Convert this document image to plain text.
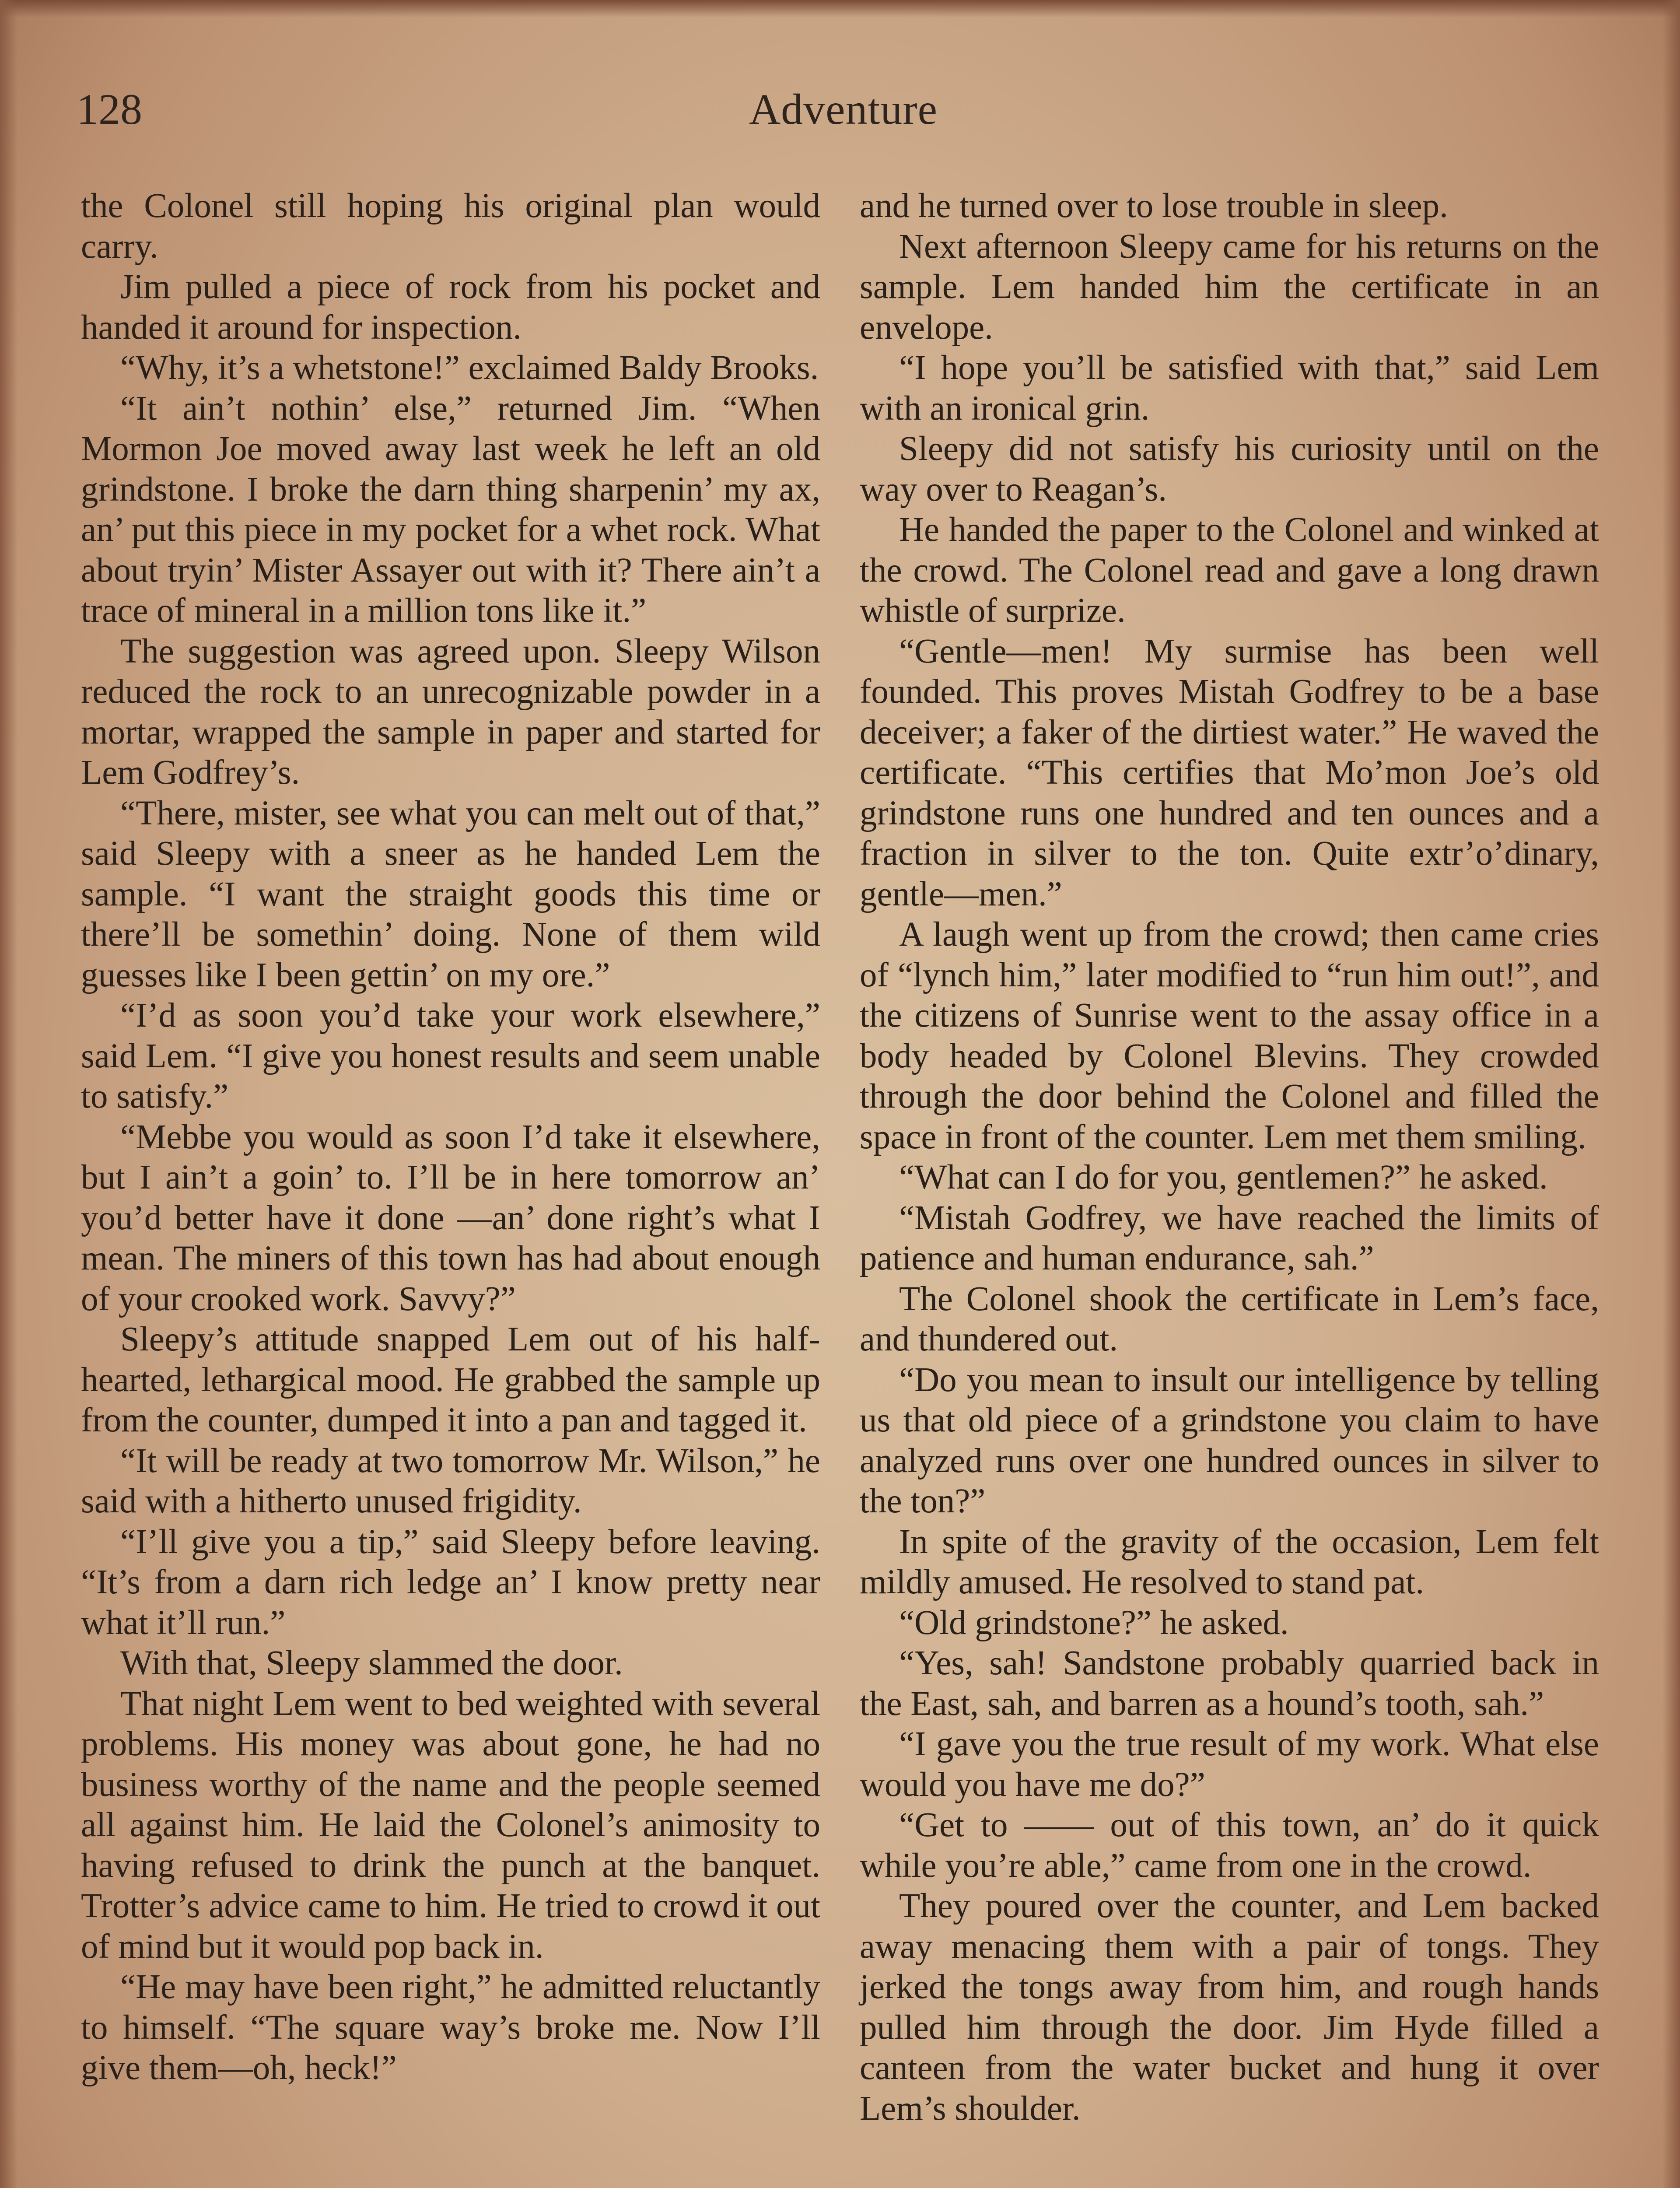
128	Adventure

the Colonel still hoping his original plan would carry.

Jim pulled a piece of rock from his pocket and handed it around for inspection.

“Why, it’s a whetstone!” exclaimed Baldy Brooks.

“It ain’t nothin’ else,” returned Jim. “When Mormon Joe moved away last week he left an old grindstone. I broke the darn thing sharpenin’ my ax, an’ put this piece in my pocket for a whet rock. What about tryin’ Mister Assayer out with it? There ain’t a trace of mineral in a million tons like it.”

The suggestion was agreed upon. Sleepy Wilson reduced the rock to an unrecognizable powder in a mortar, wrapped the sample in paper and started for Lem Godfrey’s.

“There, mister, see what you can melt out of that,” said Sleepy with a sneer as he handed Lem the sample. “I want the straight goods this time or there’ll be somethin’ doing. None of them wild guesses like I been gettin’ on my ore.”

“I’d as soon you’d take your work elsewhere,” said Lem. “I give you honest results and seem unable to satisfy.”

“Mebbe you would as soon I’d take it elsewhere, but I ain’t a goin’ to. I’ll be in here tomorrow an’ you’d better have it done —an’ done right’s what I mean. The miners of this town has had about enough of your crooked work. Savvy?”

Sleepy’s attitude snapped Lem out of his half-hearted, lethargical mood. He grabbed the sample up from the counter, dumped it into a pan and tagged it.

“It will be ready at two tomorrow Mr. Wilson,” he said with a hitherto unused frigidity.

“I’ll give you a tip,” said Sleepy before leaving. “It’s from a darn rich ledge an’ I know pretty near what it’ll run.”

With that, Sleepy slammed the door.

That night Lem went to bed weighted with several problems. His money was about gone, he had no business worthy of the name and the people seemed all against him. He laid the Colonel’s animosity to having refused to drink the punch at the banquet. Trotter’s advice came to him. He tried to crowd it out of mind but it would pop back in.

“He may have been right,” he admitted reluctantly to himself. “The square way’s broke me. Now I’ll give them—oh, heck!”

and he turned over to lose trouble in sleep.

Next afternoon Sleepy came for his returns on the sample. Lem handed him the certificate in an envelope.

“I hope you’ll be satisfied with that,” said Lem with an ironical grin.

Sleepy did not satisfy his curiosity until on the way over to Reagan’s.

He handed the paper to the Colonel and winked at the crowd. The Colonel read and gave a long drawn whistle of surprize.

“Gentle—men! My surmise has been well founded. This proves Mistah Godfrey to be a base deceiver; a faker of the dirtiest water.” He waved the certificate. “This certifies that Mo’mon Joe’s old grindstone runs one hundred and ten ounces and a fraction in silver to the ton. Quite extr’o’dinary, gentle—men.”

A laugh went up from the crowd; then came cries of “lynch him,” later modified to “run him out!”, and the citizens of Sunrise went to the assay office in a body headed by Colonel Blevins. They crowded through the door behind the Colonel and filled the space in front of the counter. Lem met them smiling.

“What can I do for you, gentlemen?” he asked.

“Mistah Godfrey, we have reached the limits of patience and human endurance, sah.”

The Colonel shook the certificate in Lem’s face, and thundered out.

“Do you mean to insult our intelligence by telling us that old piece of a grindstone you claim to have analyzed runs over one hundred ounces in silver to the ton?”

In spite of the gravity of the occasion, Lem felt mildly amused. He resolved to stand pat.

“Old grindstone?” he asked.

“Yes, sah! Sandstone probably quarried back in the East, sah, and barren as a hound’s tooth, sah.”

“I gave you the true result of my work. What else would you have me do?”

“Get to —— out of this town, an’ do it quick while you’re able,” came from one in the crowd.

They poured over the counter, and Lem backed away menacing them with a pair of tongs. They jerked the tongs away from him, and rough hands pulled him through the door. Jim Hyde filled a canteen from the water bucket and hung it over Lem’s shoulder.
